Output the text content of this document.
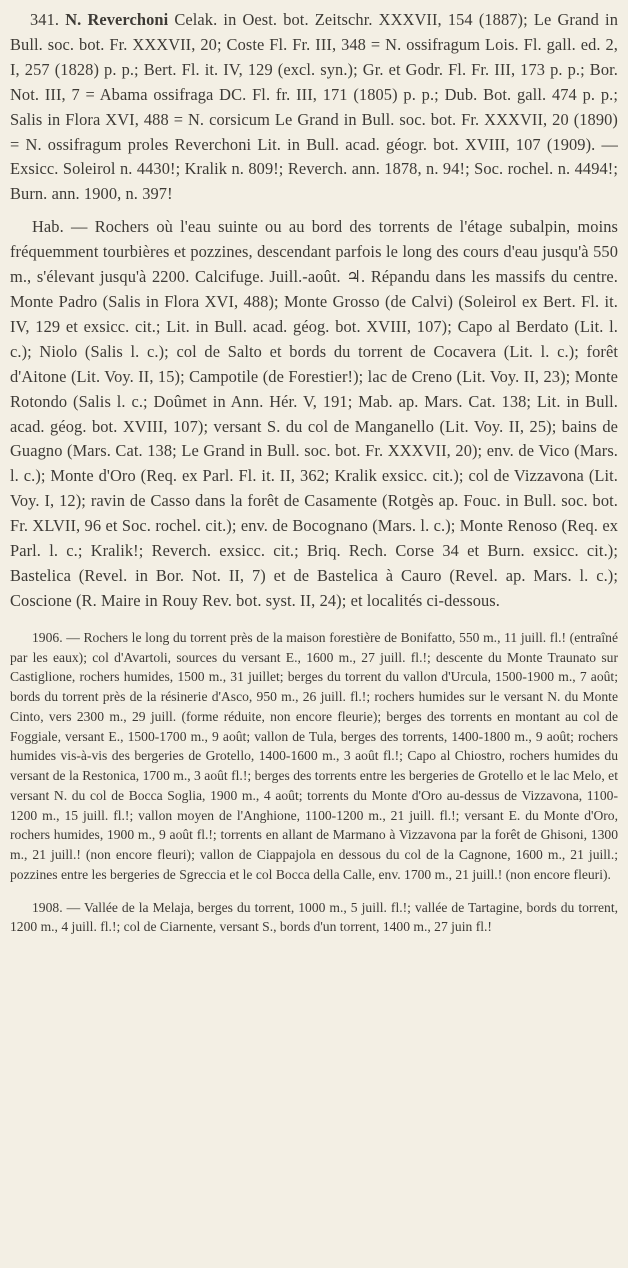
341. N. Reverchoni Celak. in Oest. bot. Zeitschr. XXXVII, 154 (1887); Le Grand in Bull. soc. bot. Fr. XXXVII, 20; Coste Fl. Fr. III, 348 = N. ossifragum Lois. Fl. gall. ed. 2, I, 257 (1828) p. p.; Bert. Fl. it. IV, 129 (excl. syn.); Gr. et Godr. Fl. Fr. III, 173 p. p.; Bor. Not. III, 7 = Abama ossifraga DC. Fl. fr. III, 171 (1805) p. p.; Dub. Bot. gall. 474 p. p.; Salis in Flora XVI, 488 = N. corsicum Le Grand in Bull. soc. bot. Fr. XXXVII, 20 (1890) = N. ossifragum proles Reverchoni Lit. in Bull. acad. géogr. bot. XVIII, 107 (1909). — Exsicc. Soleirol n. 4430!; Kralik n. 809!; Reverch. ann. 1878, n. 94!; Soc. rochel. n. 4494!; Burn. ann. 1900, n. 397!
Hab. — Rochers où l'eau suinte ou au bord des torrents de l'étage subalpin, moins fréquemment tourbières et pozzines, descendant parfois le long des cours d'eau jusqu'à 550 m., s'élevant jusqu'à 2200. Calcifuge. Juill.-août. ♃. Répandu dans les massifs du centre. Monte Padro (Salis in Flora XVI, 488); Monte Grosso (de Calvi) (Soleirol ex Bert. Fl. it. IV, 129 et exsicc. cit.; Lit. in Bull. acad. géog. bot. XVIII, 107); Capo al Berdato (Lit. l. c.); Niolo (Salis l. c.); col de Salto et bords du torrent de Cocavera (Lit. l. c.); forêt d'Aitone (Lit. Voy. II, 15); Campotile (de Forestier!); lac de Creno (Lit. Voy. II, 23); Monte Rotondo (Salis l. c.; Doûmet in Ann. Hér. V, 191; Mab. ap. Mars. Cat. 138; Lit. in Bull. acad. géog. bot. XVIII, 107); versant S. du col de Manganello (Lit. Voy. II, 25); bains de Guagno (Mars. Cat. 138; Le Grand in Bull. soc. bot. Fr. XXXVII, 20); env. de Vico (Mars. l. c.); Monte d'Oro (Req. ex Parl. Fl. it. II, 362; Kralik exsicc. cit.); col de Vizzavona (Lit. Voy. I, 12); ravin de Casso dans la forêt de Casamente (Rotgès ap. Fouc. in Bull. soc. bot. Fr. XLVII, 96 et Soc. rochel. cit.); env. de Bocognano (Mars. l. c.); Monte Renoso (Req. ex Parl. l. c.; Kralik!; Reverch. exsicc. cit.; Briq. Rech. Corse 34 et Burn. exsicc. cit.); Bastelica (Revel. in Bor. Not. II, 7) et de Bastelica à Cauro (Revel. ap. Mars. l. c.); Coscione (R. Maire in Rouy Rev. bot. syst. II, 24); et localités ci-dessous.
1906. — Rochers le long du torrent près de la maison forestière de Bonifatto, 550 m., 11 juill. fl.! (entraîné par les eaux); col d'Avartoli, sources du versant E., 1600 m., 27 juill. fl.!; descente du Monte Traunato sur Castiglione, rochers humides, 1500 m., 31 juillet; berges du torrent du vallon d'Urcula, 1500-1900 m., 7 août; bords du torrent près de la résinerie d'Asco, 950 m., 26 juill. fl.!; rochers humides sur le versant N. du Monte Cinto, vers 2300 m., 29 juill. (forme réduite, non encore fleurie); berges des torrents en montant au col de Foggiale, versant E., 1500-1700 m., 9 août; vallon de Tula, berges des torrents, 1400-1800 m., 9 août; rochers humides vis-à-vis des bergeries de Grotello, 1400-1600 m., 3 août fl.!; Capo al Chiostro, rochers humides du versant de la Restonica, 1700 m., 3 août fl.!; berges des torrents entre les bergeries de Grotello et le lac Melo, et versant N. du col de Bocca Soglia, 1900 m., 4 août; torrents du Monte d'Oro au-dessus de Vizzavona, 1100-1200 m., 15 juill. fl.!; vallon moyen de l'Anghione, 1100-1200 m., 21 juill. fl.!; versant E. du Monte d'Oro, rochers humides, 1900 m., 9 août fl.!; torrents en allant de Marmano à Vizzavona par la forêt de Ghisoni, 1300 m., 21 juill.! (non encore fleuri); vallon de Ciappajola en dessous du col de la Cagnone, 1600 m., 21 juill.; pozzines entre les bergeries de Sgreccia et le col Bocca della Calle, env. 1700 m., 21 juill.! (non encore fleuri).
1908. — Vallée de la Melaja, berges du torrent, 1000 m., 5 juill. fl.!; vallée de Tartagine, bords du torrent, 1200 m., 4 juill. fl.!; col de Ciarnente, versant S., bords d'un torrent, 1400 m., 27 juin fl.!
